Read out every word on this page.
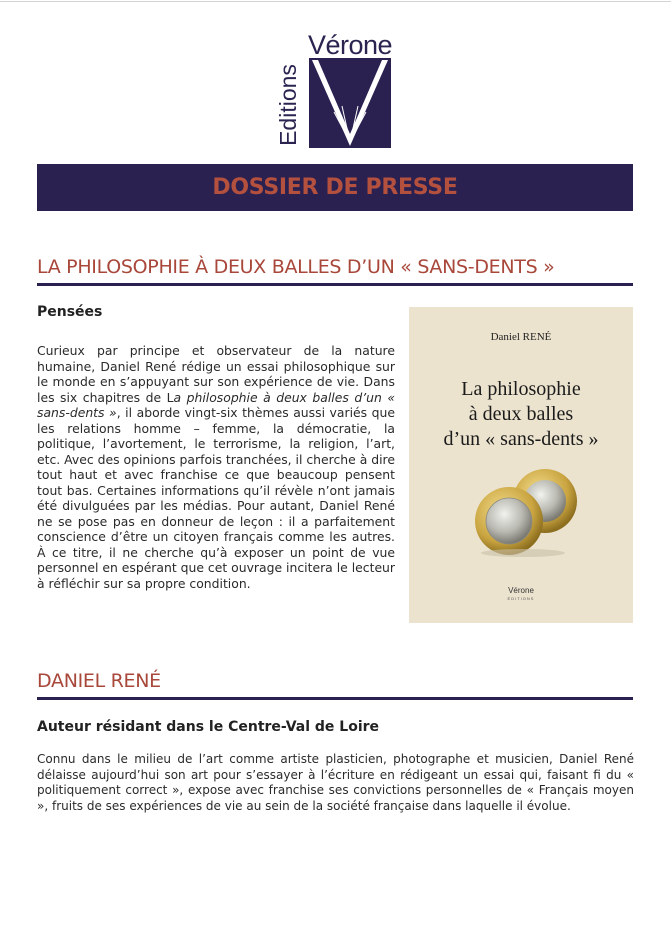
Vérone
Editions
DOSSIER DE PRESSE
LA PHILOSOPHIE À DEUX BALLES D’UN « SANS-DENTS »
Pensées
Curieux par principe et observateur de la nature humaine, Daniel René rédige un essai philosophique sur le monde en s’appuyant sur son expérience de vie. Dans les six chapitres de La philosophie à deux balles d’un « sans-dents », il aborde vingt-six thèmes aussi variés que les relations homme – femme, la démocratie, la politique, l’avortement, le terrorisme, la religion, l’art, etc. Avec des opinions parfois tranchées, il cherche à dire tout haut et avec franchise ce que beaucoup pensent tout bas. Certaines informations qu’il révèle n’ont jamais été divulguées par les médias. Pour autant, Daniel René ne se pose pas en donneur de leçon : il a parfaitement conscience d’être un citoyen français comme les autres. À ce titre, il ne cherche qu’à exposer un point de vue personnel en espérant que cet ouvrage incitera le lecteur à réfléchir sur sa propre condition.
Daniel RENÉ
La philosophie
à deux balles
d’un « sans-dents »
Vérone
ÉDITIONS
DANIEL RENÉ
Auteur résidant dans le Centre-Val de Loire
Connu dans le milieu de l’art comme artiste plasticien, photographe et musicien, Daniel René délaisse aujourd’hui son art pour s’essayer à l’écriture en rédigeant un essai qui, faisant fi du « politiquement correct », expose avec franchise ses convictions personnelles de « Français moyen », fruits de ses expériences de vie au sein de la société française dans laquelle il évolue.
